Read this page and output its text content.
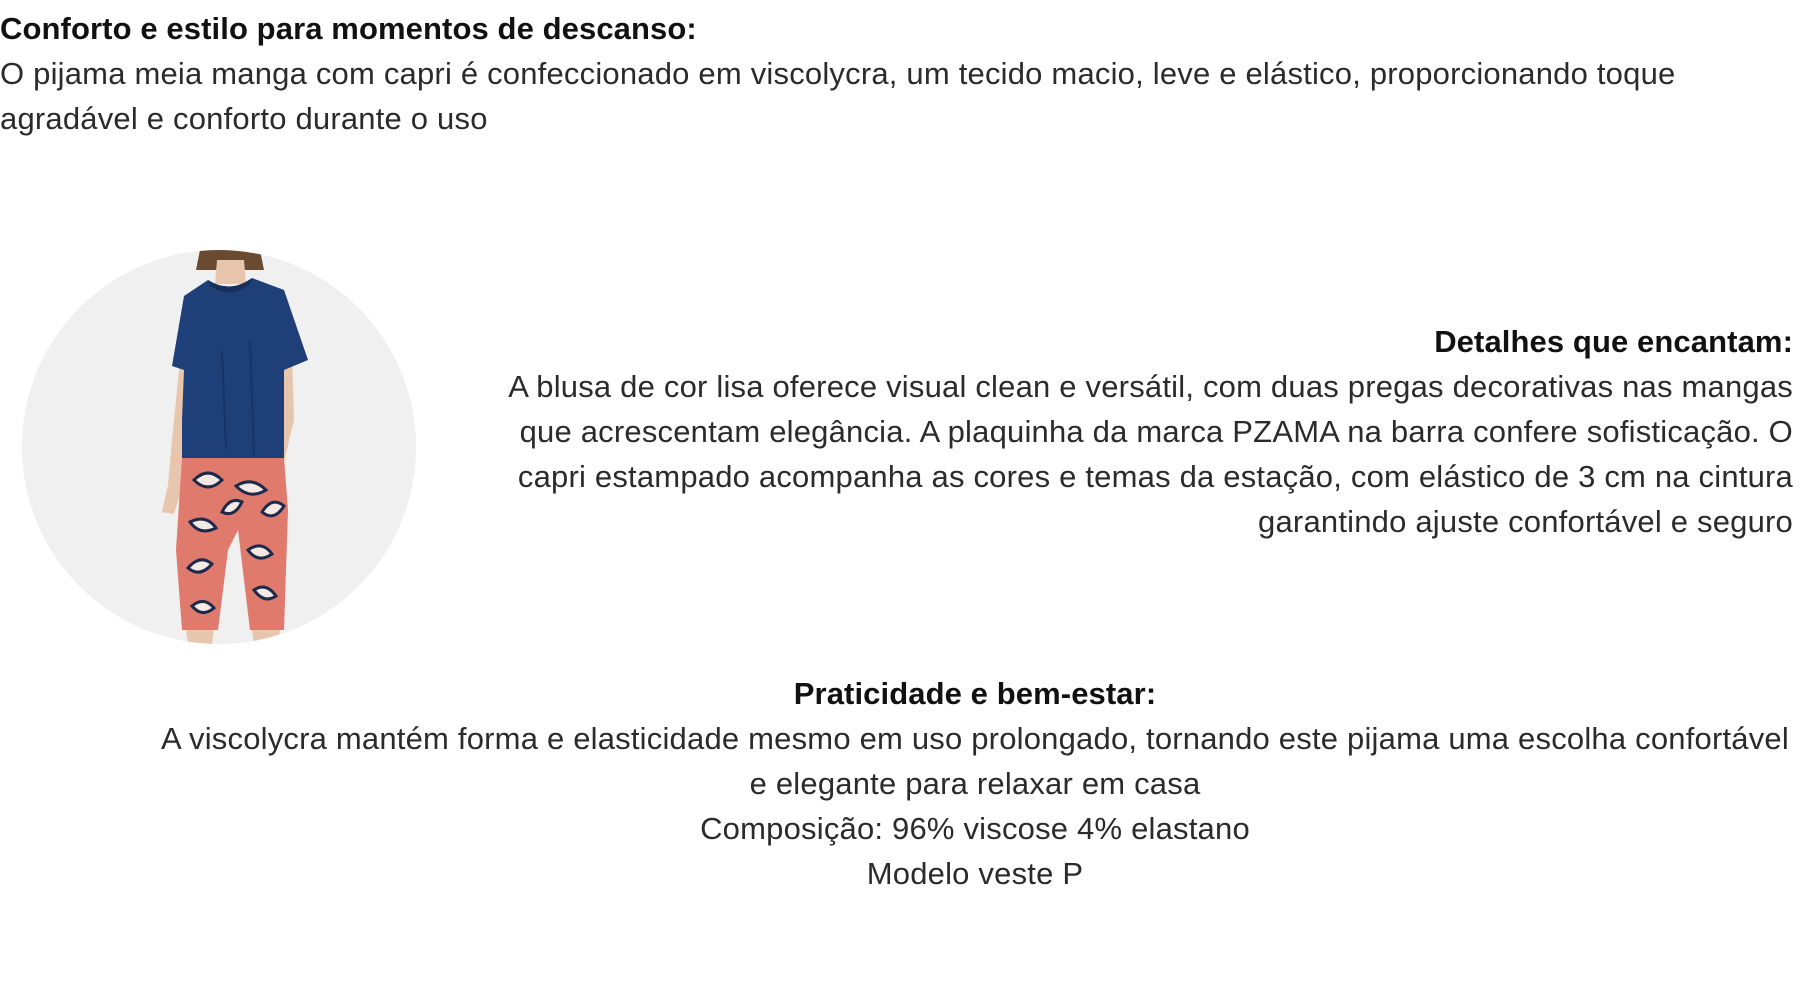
Conforto e estilo para momentos de descanso:
O pijama meia manga com capri é confeccionado em viscolycra, um tecido macio, leve e elástico, proporcionando toque agradável e conforto durante o uso
Detalhes que encantam:
A blusa de cor lisa oferece visual clean e versátil, com duas pregas decorativas nas mangas que acrescentam elegância. A plaquinha da marca PZAMA na barra confere sofisticação. O capri estampado acompanha as cores e temas da estação, com elástico de 3 cm na cintura garantindo ajuste confortável e seguro
Praticidade e bem-estar:
A viscolycra mantém forma e elasticidade mesmo em uso prolongado, tornando este pijama uma escolha confortável e elegante para relaxar em casa
Composição: 96% viscose 4% elastano
Modelo veste P
